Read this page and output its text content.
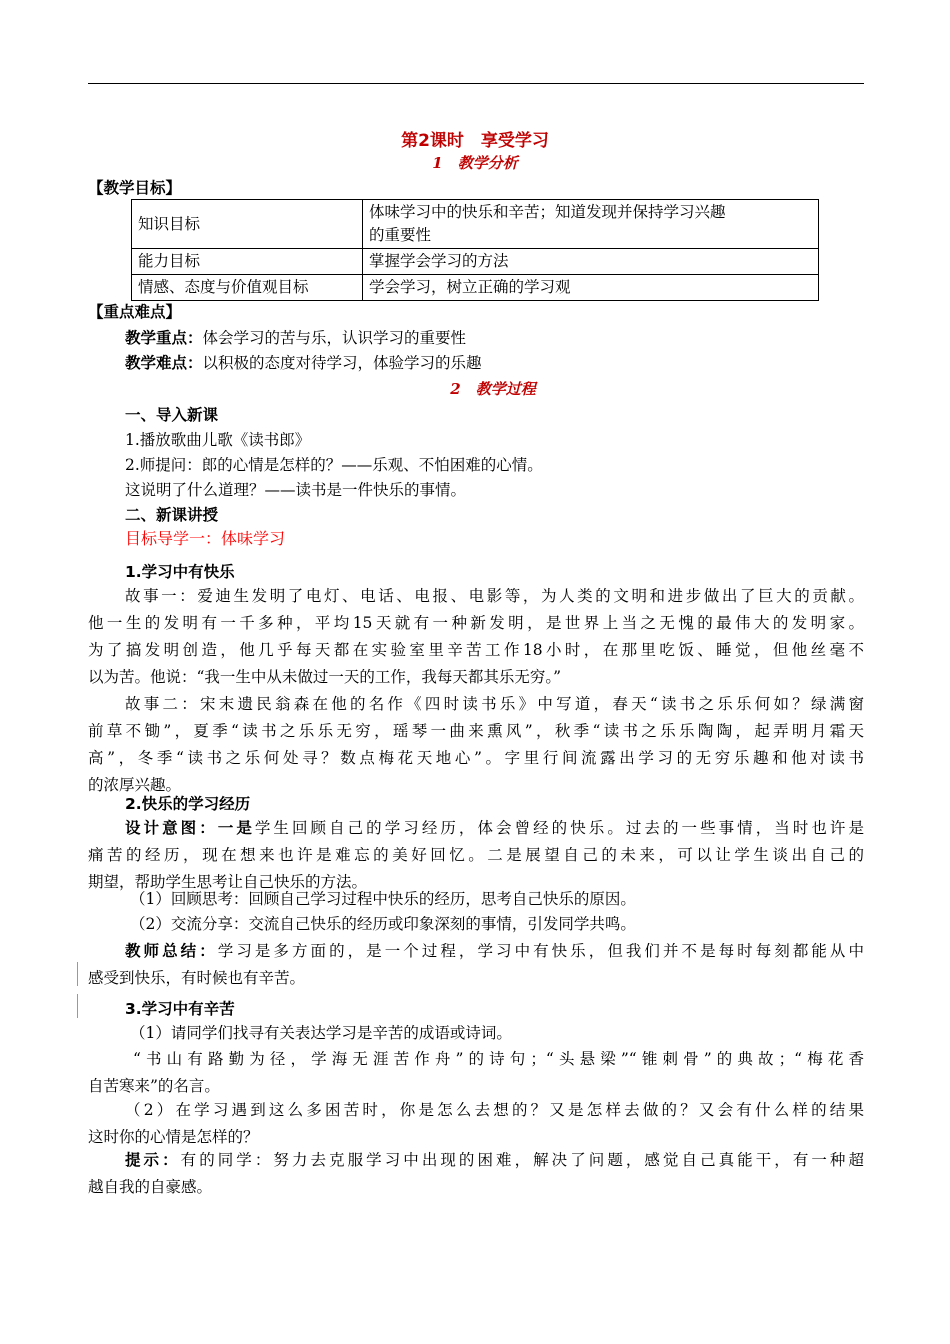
第2课时　享受学习
1　教学分析
【教学目标】
知识目标	体味学习中的快乐和辛苦；知道发现并保持学习兴趣
的重要性

能力目标	掌握学会学习的方法
情感、态度与价值观目标	学会学习，树立正确的学习观
【重点难点】
教学重点：体会学习的苦与乐，认识学习的重要性
教学难点：以积极的态度对待学习，体验学习的乐趣
2　教学过程
一、导入新课
1.播放歌曲儿歌《读书郎》
2.师提问：郎的心情是怎样的？——乐观、不怕困难的心情。
这说明了什么道理？——读书是一件快乐的事情。
二、新课讲授
目标导学一：体味学习
1.学习中有快乐
故事一：爱迪生发明了电灯、电话、电报、电影等，为人类的文明和进步做出了巨大的贡献。
他一生的发明有一千多种，平均15天就有一种新发明，是世界上当之无愧的最伟大的发明家。
为了搞发明创造，他几乎每天都在实验室里辛苦工作18小时，在那里吃饭、睡觉，但他丝毫不
以为苦。他说：“我一生中从未做过一天的工作，我每天都其乐无穷。”
故事二：宋末遗民翁森在他的名作《四时读书乐》中写道，春天“读书之乐乐何如？绿满窗
前草不锄”，夏季“读书之乐乐无穷，瑶琴一曲来熏风”，秋季“读书之乐乐陶陶，起弄明月霜天
高”，冬季“读书之乐何处寻？数点梅花天地心”。字里行间流露出学习的无穷乐趣和他对读书
的浓厚兴趣。
2.快乐的学习经历
设计意图：一是学生回顾自己的学习经历，体会曾经的快乐。过去的一些事情，当时也许是
痛苦的经历，现在想来也许是难忘的美好回忆。二是展望自己的未来，可以让学生谈出自己的
期望，帮助学生思考让自己快乐的方法。
（1）回顾思考：回顾自己学习过程中快乐的经历，思考自己快乐的原因。
（2）交流分享：交流自己快乐的经历或印象深刻的事情，引发同学共鸣。
教师总结：学习是多方面的，是一个过程，学习中有快乐，但我们并不是每时每刻都能从中
感受到快乐，有时候也有辛苦。
3.学习中有辛苦
（1）请同学们找寻有关表达学习是辛苦的成语或诗词。
“书山有路勤为径，学海无涯苦作舟”的诗句；“头悬梁”“锥刺骨”的典故；“梅花香
自苦寒来”的名言。
（2）在学习遇到这么多困苦时，你是怎么去想的？又是怎样去做的？又会有什么样的结果
这时你的心情是怎样的？
提示：有的同学：努力去克服学习中出现的困难，解决了问题，感觉自己真能干，有一种超
越自我的自豪感。
